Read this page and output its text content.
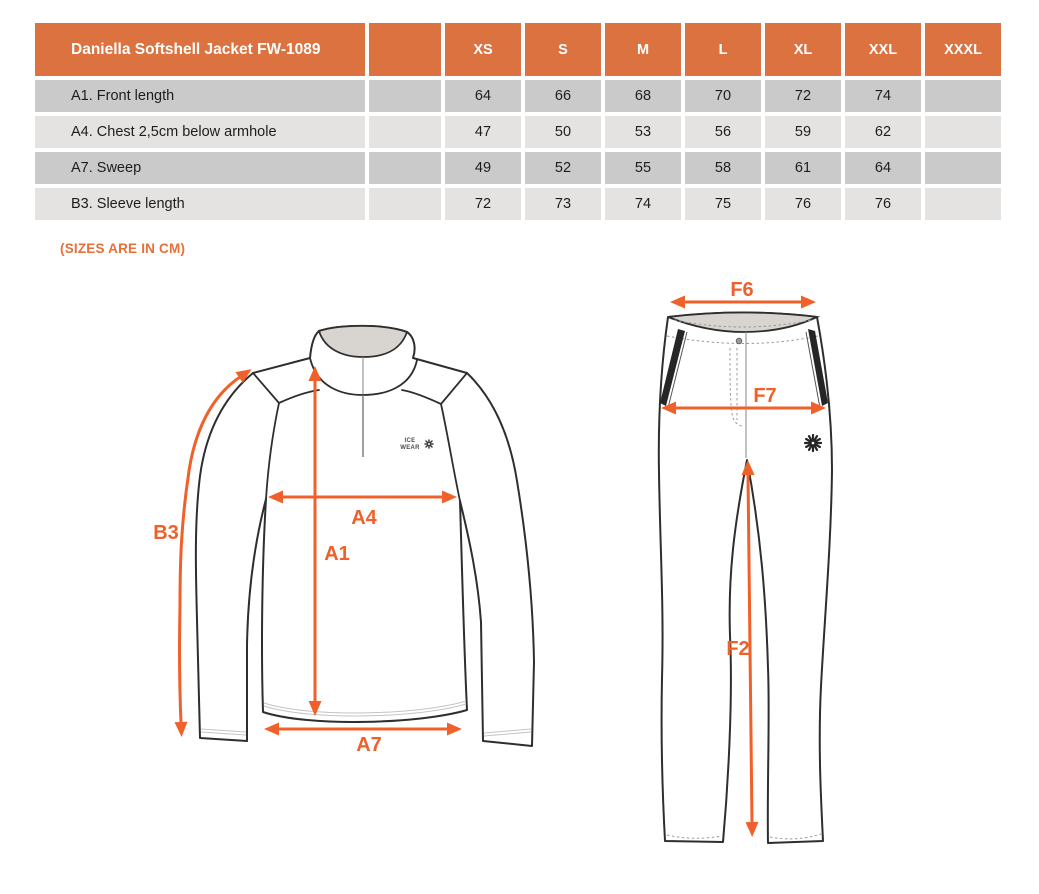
Daniella Softshell Jacket FW-1089	XS	S	M	L	XL	XXL	XXXL
A1. Front length	64	66	68	70	72	74
A4. Chest 2,5cm below armhole	47	50	53	56	59	62
A7. Sweep	49	52	55	58	61	64
B3. Sleeve length	72	73	74	75	76	76
(SIZES ARE IN CM)
ICE
WEAR
B3
A1
A4
A7
F6
F7
F2
